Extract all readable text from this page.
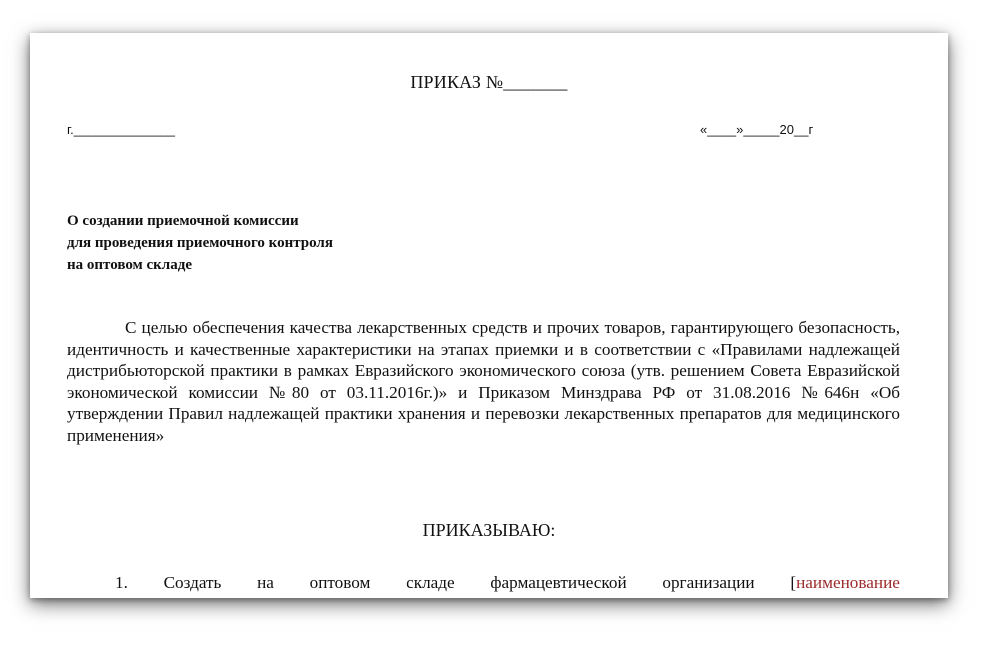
ПРИКАЗ №_______
г.______________	«____»_____20__г
О создании приемочной комиссии
для проведения приемочного контроля
на оптовом складе
С целью обеспечения качества лекарственных средств и прочих товаров, гарантирующего безопасность, идентичность и качественные характеристики на этапах приемки и в соответствии с «Правилами надлежащей дистрибьюторской практики в рамках Евразийского экономического союза (утв. решением Совета Евразийской экономической комиссии №80 от 03.11.2016г.)» и Приказом Минздрава РФ от 31.08.2016 №646н «Об утверждении Правил надлежащей практики хранения и перевозки лекарственных препаратов для медицинского применения»
ПРИКАЗЫВАЮ:
1. Создать на оптовом складе фармацевтической организации [наименование
